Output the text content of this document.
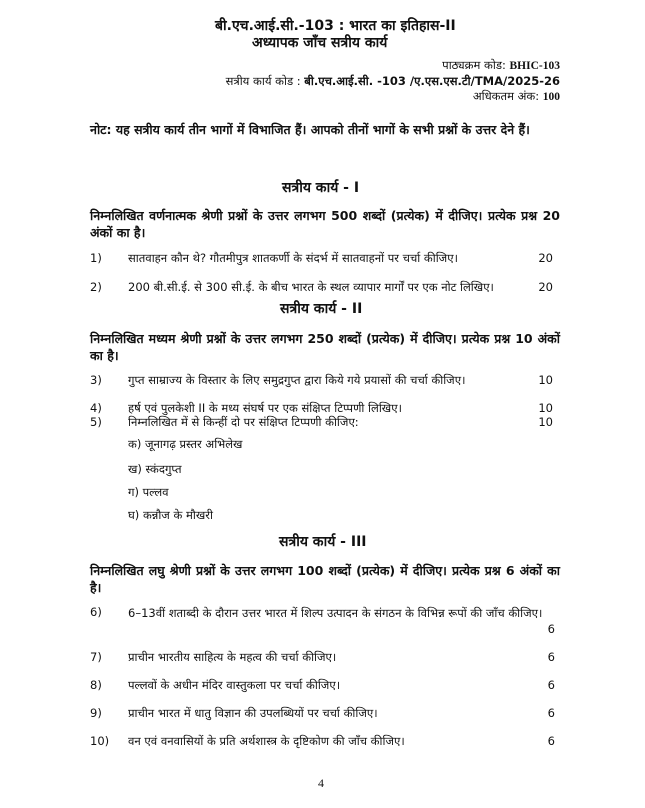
बी.एच.आई.सी.-103 : भारत का इतिहास-II
अध्यापक जाँच सत्रीय कार्य
पाठ्यक्रम कोड: BHIC-103
सत्रीय कार्य कोड : बी.एच.आई.सी. -103 /ए.एस.एस.टी/TMA/2025-26
अधिकतम अंक: 100
नोट: यह सत्रीय कार्य तीन भागों में विभाजित हैं। आपको तीनों भागों के सभी प्रश्नों के उत्तर देने हैं।
सत्रीय कार्य - I
निम्नलिखित वर्णनात्मक श्रेणी प्रश्नों के उत्तर लगभग 500 शब्दों (प्रत्येक) में दीजिए। प्रत्येक प्रश्न 20 अंकों का है।
1) सातवाहन कौन थे? गौतमीपुत्र शातकर्णी के संदर्भ में सातवाहनों पर चर्चा कीजिए।	20
2) 200 बी.सी.ई. से 300 सी.ई. के बीच भारत के स्थल व्यापार मार्गों पर एक नोट लिखिए।	20
सत्रीय कार्य - II
निम्नलिखित मध्यम श्रेणी प्रश्नों के उत्तर लगभग 250 शब्दों (प्रत्येक) में दीजिए। प्रत्येक प्रश्न 10 अंकों का है।
3) गुप्त साम्राज्य के विस्तार के लिए समुद्रगुप्त द्वारा किये गये प्रयासों की चर्चा कीजिए।	10
4) हर्ष एवं पुलकेशी II के मध्य संघर्ष पर एक संक्षिप्त टिप्पणी लिखिए।	10
5) निम्नलिखित में से किन्हीं दो पर संक्षिप्त टिप्पणी कीजिए:	10
क) जूनागढ़ प्रस्तर अभिलेख
ख) स्कंदगुप्त
ग) पल्लव
घ) कन्नौज के मौखरी
सत्रीय कार्य - III
निम्नलिखित लघु श्रेणी प्रश्नों के उत्तर लगभग 100 शब्दों (प्रत्येक) में दीजिए। प्रत्येक प्रश्न 6 अंकों का है।
6) 6–13वीं शताब्दी के दौरान उत्तर भारत में शिल्प उत्पादन के संगठन के विभिन्न रूपों की जाँच कीजिए।
6
7) प्राचीन भारतीय साहित्य के महत्व की चर्चा कीजिए।	6
8) पल्लवों के अधीन मंदिर वास्तुकला पर चर्चा कीजिए।	6
9) प्राचीन भारत में धातु विज्ञान की उपलब्धियों पर चर्चा कीजिए।	6
10) वन एवं वनवासियों के प्रति अर्थशास्त्र के दृष्टिकोण की जाँच कीजिए।	6
4
